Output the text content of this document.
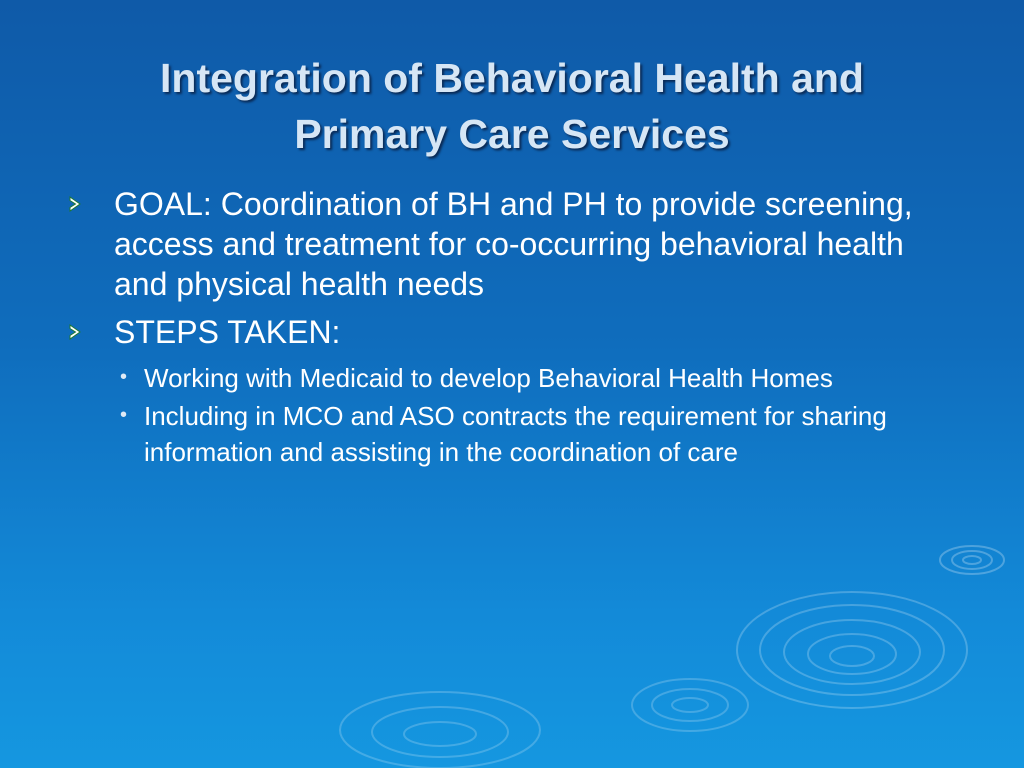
Integration of Behavioral Health and
Primary Care Services
GOAL: Coordination of BH and PH to provide screening, access and treatment for co-occurring behavioral health and physical health needs
STEPS TAKEN:
• Working with Medicaid to develop Behavioral Health Homes
• Including in MCO and ASO contracts the requirement for sharing information and assisting in the coordination of care
